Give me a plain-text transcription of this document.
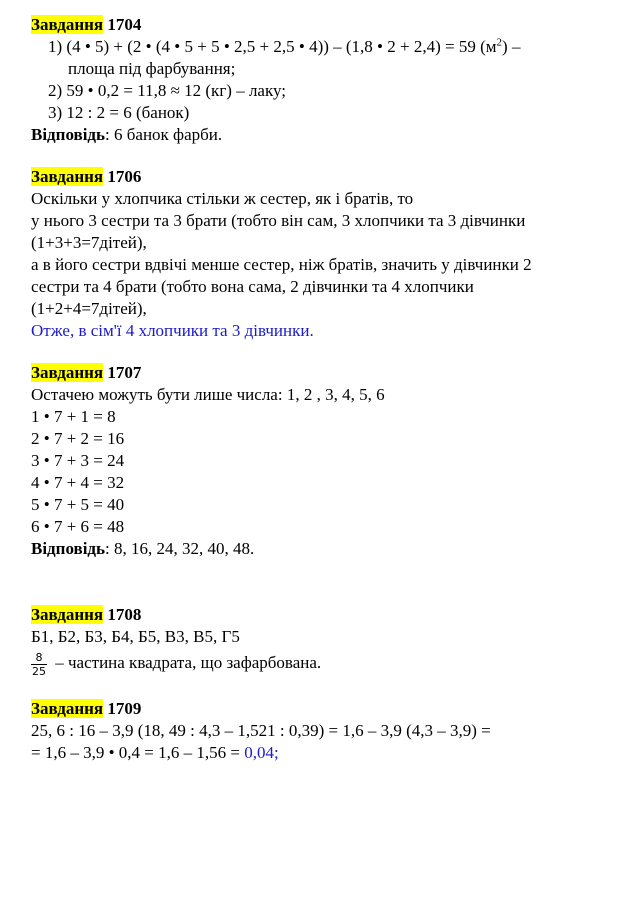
Завдання 1704
1) (4 • 5) + (2 • (4 • 5 + 5 • 2,5 + 2,5 • 4)) – (1,8 • 2 + 2,4) = 59 $(м^2)$ –
площа під фарбування;
2) 59 • 0,2 = 11,8 ≈ 12 (кг) – лаку;
3) 12 : 2 = 6 (банок)
Відповідь: 6 банок фарби.
Завдання 1706
Оскільки у хлопчика стільки ж сестер, як і братів, то
у нього 3 сестри та 3 брати (тобто він сам, 3 хлопчики та 3 дівчинки
(1+3+3=7дітей),
а в його сестри вдвічі менше сестер, ніж братів, значить у дівчинки 2
сестри та 4 брати (тобто вона сама, 2 дівчинки та 4 хлопчики
(1+2+4=7дітей),
Отже, в сім'ї 4 хлопчики та 3 дівчинки.
Завдання 1707
Остачею можуть бути лише числа: 1, 2 , 3, 4, 5, 6
1 • 7 + 1 = 8
2 • 7 + 2 = 16
3 • 7 + 3 = 24
4 • 7 + 4 = 32
5 • 7 + 5 = 40
6 • 7 + 6 = 48
Відповідь: 8, 16, 24, 32, 40, 48.
Завдання 1708
Б1, Б2, Б3, Б4, Б5, В3, В5, Г5
$\frac{8}{25}$ – частина квадрата, що зафарбована.
Завдання 1709
25, 6 : 16 – 3,9 (18, 49 : 4,3 – 1,521 : 0,39) = 1,6 – 3,9 (4,3 – 3,9) =
= 1,6 – 3,9 • 0,4 = 1,6 – 1,56 = 0,04;
